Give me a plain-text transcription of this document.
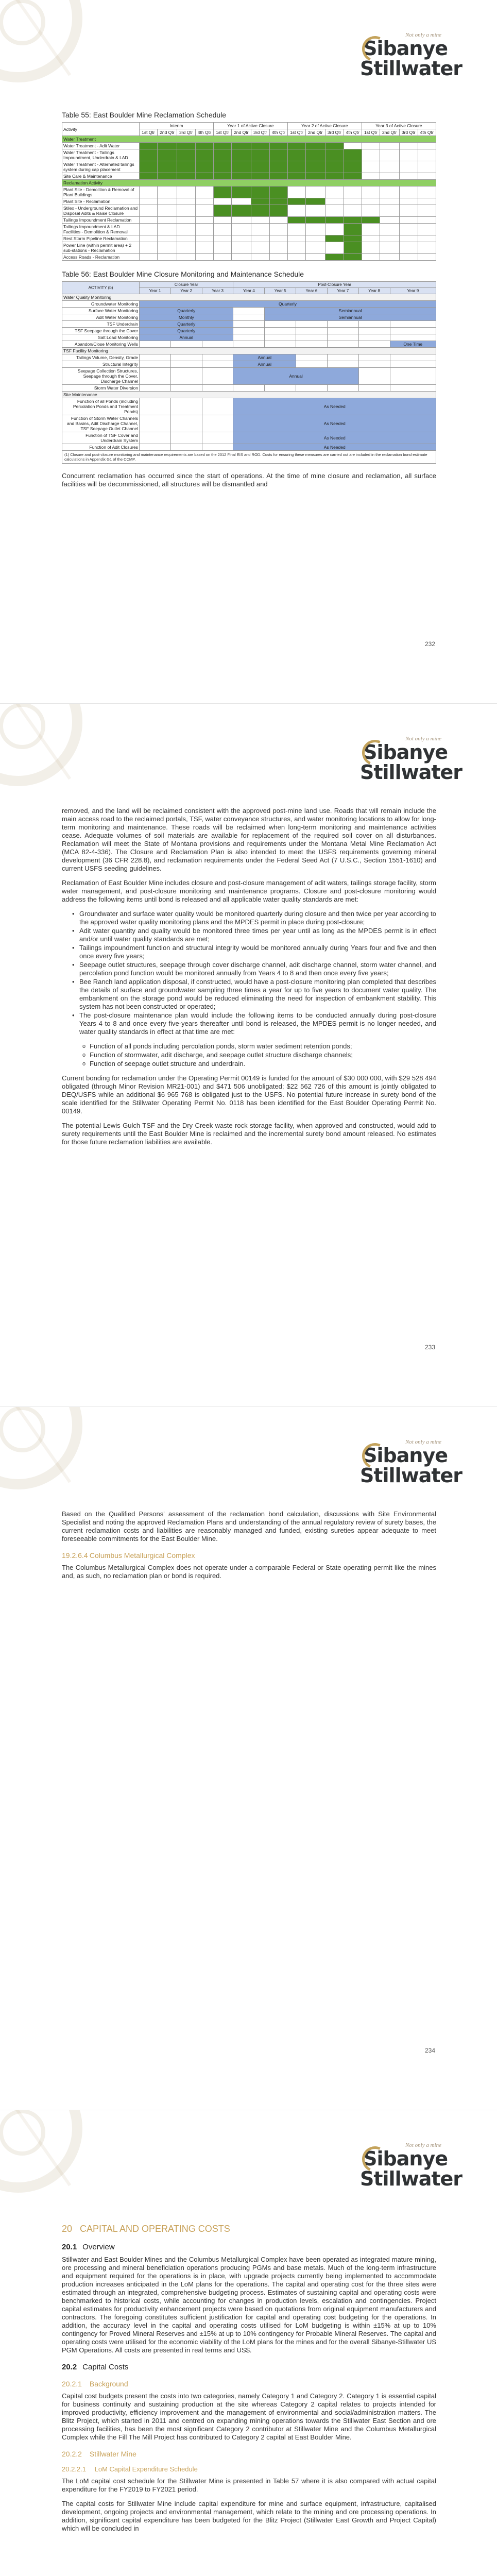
Not only a mine
Sibanye
Stillwater
Table 55: East Boulder Mine Reclamation Schedule
Activity	Interim				Year 1 of Active Closure				Year 2 of Active Closure				Year 3 of Active Closure			
	1st Qtr	2nd Qtr	3rd Qtr	4th Qtr	1st Qtr	2nd Qtr	3rd Qtr	4th Qtr	1st Qtr	2nd Qtr	3rd Qtr	4th Qtr	1st Qtr	2nd Qtr	3rd Qtr	4th Qtr
Water Treatment																
Water Treatment - Adit Water																
Water Treatment - Tailings Impoundment, Underdrain & LAD																
Water Treatment - Alternated tailings system during cap placement																
Site Care & Maintenance																
Reclamation Activity																
Plant Site - Demolition & Removal of Plant Buildings																
Plant Site - Reclamation																
Stilex - Underground Reclamation and Disposal Adits & Raise Closure																
Tailings Impoundment Reclamation																
Tailings Impoundment & LAD Facilities - Demolition & Removal																
Rest Storm Pipeline Reclamation																
Power Line (within permit area) + 2 sub-stations - Reclamation																
Access Roads - Reclamation																
Table 56: East Boulder Mine Closure Monitoring and Maintenance Schedule
ACTIVITY (b)	Closure Year			Post-Closure Year					
	Year 1	Year 2	Year 3	Year 4	Year 5	Year 6	Year 7	Year 8	Year 9
Water Quality Monitoring									
Groundwater Monitoring	Quarterly								
Surface Water Monitoring	Quarterly				Semiannual				
Adit Water Monitoring	Monthly				Semiannual				
TSF Underdrain	Quarterly								
TSF Seepage through the Cover	Quarterly								
Salt Load Monitoring	Annual								
Abandon/Close Monitoring Wells									One Time
TSF Facility Monitoring									
Tailings Volume, Density, Grade				Annual					
Structural Integrity				Annual					
Seepage Collection Structures, Seepage through the Cover, Discharge Channel				Annual					
Storm Water Diversion									
Site Maintenance									
Function of all Ponds (including Percolation Ponds and Treatment Ponds)				As Needed					
Function of Storm Water Channels and Basins, Adit Discharge Channel, TSF Seepage Outlet Channel				As Needed					
Function of TSF Cover and Underdrain System				As Needed					
Function of Adit Closures				As Needed					
(1) Closure and post-closure monitoring and maintenance requirements are based on the 2012 Final EIS and ROD. Costs for ensuring these measures are carried out are included in the reclamation bond estimate calculations in Appendix G1 of the CCMP.									

Concurrent reclamation has occurred since the start of operations. At the time of mine closure and reclamation, all surface facilities will be decommissioned, all structures will be dismantled and

232
Not only a mine
Sibanye
Stillwater

removed, and the land will be reclaimed consistent with the approved post-mine land use. Roads that will remain include the main access road to the reclaimed portals, TSF, water conveyance structures, and water monitoring locations to allow for long-term monitoring and maintenance. These roads will be reclaimed when long-term monitoring and maintenance activities cease. Adequate volumes of soil materials are available for replacement of the required soil cover on all disturbances. Reclamation will meet the State of Montana provisions and requirements under the Montana Metal Mine Reclamation Act (MCA 82-4-336). The Closure and Reclamation Plan is also intended to meet the USFS requirements governing mineral development (36 CFR 228.8), and reclamation requirements under the Federal Seed Act (7 U.S.C., Section 1551-1610) and current USFS seeding guidelines.

Reclamation of East Boulder Mine includes closure and post-closure management of adit waters, tailings storage facility, storm water management, and post-closure monitoring and maintenance programs. Closure and post-closure monitoring would address the following items until bond is released and all applicable water quality standards are met:

• Groundwater and surface water quality would be monitored quarterly during closure and then twice per year according to the approved water quality monitoring plans and the MPDES permit in place during post-closure;
• Adit water quantity and quality would be monitored three times per year until as long as the MPDES permit is in effect and/or until water quality standards are met;
• Tailings impoundment function and structural integrity would be monitored annually during Years four and five and then once every five years;
• Seepage outlet structures, seepage through cover discharge channel, adit discharge channel, storm water channel, and percolation pond function would be monitored annually from Years 4 to 8 and then once every five years;
• Bee Ranch land application disposal, if constructed, would have a post-closure monitoring plan completed that describes the details of surface and groundwater sampling three times a year for up to five years to document water quality. The embankment on the storage pond would be reduced eliminating the need for inspection of embankment stability. This system has not been constructed or operated;
• The post-closure maintenance plan would include the following items to be conducted annually during post-closure Years 4 to 8 and once every five-years thereafter until bond is released, the MPDES permit is no longer needed, and water quality standards in effect at that time are met:
o Function of all ponds including percolation ponds, storm water sediment retention ponds;
o Function of stormwater, adit discharge, and seepage outlet structure discharge channels;
o Function of seepage outlet structure and underdrain.

Current bonding for reclamation under the Operating Permit 00149 is funded for the amount of $30 000 000, with $29 528 494 obligated (through Minor Revision MR21-001) and $471 506 unobligated; $22 562 726 of this amount is jointly obligated to DEQ/USFS while an additional $6 965 768 is obligated just to the USFS. No potential future increase in surety bond of the scale identified for the Stillwater Operating Permit No. 0118 has been identified for the East Boulder Operating Permit No. 00149.

The potential Lewis Gulch TSF and the Dry Creek waste rock storage facility, when approved and constructed, would add to surety requirements until the East Boulder Mine is reclaimed and the incremental surety bond amount released. No estimates for those future reclamation liabilities are available.

233
Not only a mine
Sibanye
Stillwater

Based on the Qualified Persons' assessment of the reclamation bond calculation, discussions with Site Environmental Specialist and noting the approved Reclamation Plans and understanding of the annual regulatory review of surety bases, the current reclamation costs and liabilities are reasonably managed and funded, existing sureties appear adequate to meet foreseeable commitments for the East Boulder Mine.

19.2.6.4 Columbus Metallurgical Complex

The Columbus Metallurgical Complex does not operate under a comparable Federal or State operating permit like the mines and, as such, no reclamation plan or bond is required.

234
Not only a mine
Sibanye
Stillwater
20 CAPITAL AND OPERATING COSTS
20.1 Overview

Stillwater and East Boulder Mines and the Columbus Metallurgical Complex have been operated as integrated mature mining, ore processing and mineral beneficiation operations producing PGMs and base metals. Much of the long-term infrastructure and equipment required for the operations is in place, with upgrade projects currently being implemented to accommodate production increases anticipated in the LoM plans for the operations. The capital and operating cost for the three sites were estimated through an integrated, comprehensive budgeting process. Estimates of sustaining capital and operating costs were benchmarked to historical costs, while accounting for changes in production levels, escalation and contingencies. Project capital estimates for productivity enhancement projects were based on quotations from original equipment manufacturers and contractors. The foregoing constitutes sufficient justification for capital and operating cost budgeting for the operations. In addition, the accuracy level in the capital and operating costs utilised for LoM budgeting is within ±15% at up to 10% contingency for Proved Mineral Reserves and ±15% at up to 10% contingency for Probable Mineral Reserves. The capital and operating costs were utilised for the economic viability of the LoM plans for the mines and for the overall Sibanye-Stillwater US PGM Operations. All costs are presented in real terms and US$.

20.2 Capital Costs
20.2.1 Background

Capital cost budgets present the costs into two categories, namely Category 1 and Category 2. Category 1 is essential capital for business continuity and sustaining production at the site whereas Category 2 capital relates to projects intended for improved productivity, efficiency improvement and the management of environmental and social/administration matters. The Blitz Project, which started in 2011 and centred on expanding mining operations towards the Stillwater East Section and ore processing facilities, has been the most significant Category 2 contributor at Stillwater Mine and the Columbus Metallurgical Complex while the Fill The Mill Project has contributed to Category 2 capital at East Boulder Mine.

20.2.2 Stillwater Mine
20.2.2.1 LoM Capital Expenditure Schedule

The LoM capital cost schedule for the Stillwater Mine is presented in Table 57 where it is also compared with actual capital expenditure for the FY2019 to FY2021 period.

The capital costs for Stillwater Mine include capital expenditure for mine and surface equipment, infrastructure, capitalised development, ongoing projects and environmental management, which relate to the mining and ore processing operations. In addition, significant capital expenditure has been budgeted for the Blitz Project (Stillwater East Growth and Project Capital) which will be concluded in
